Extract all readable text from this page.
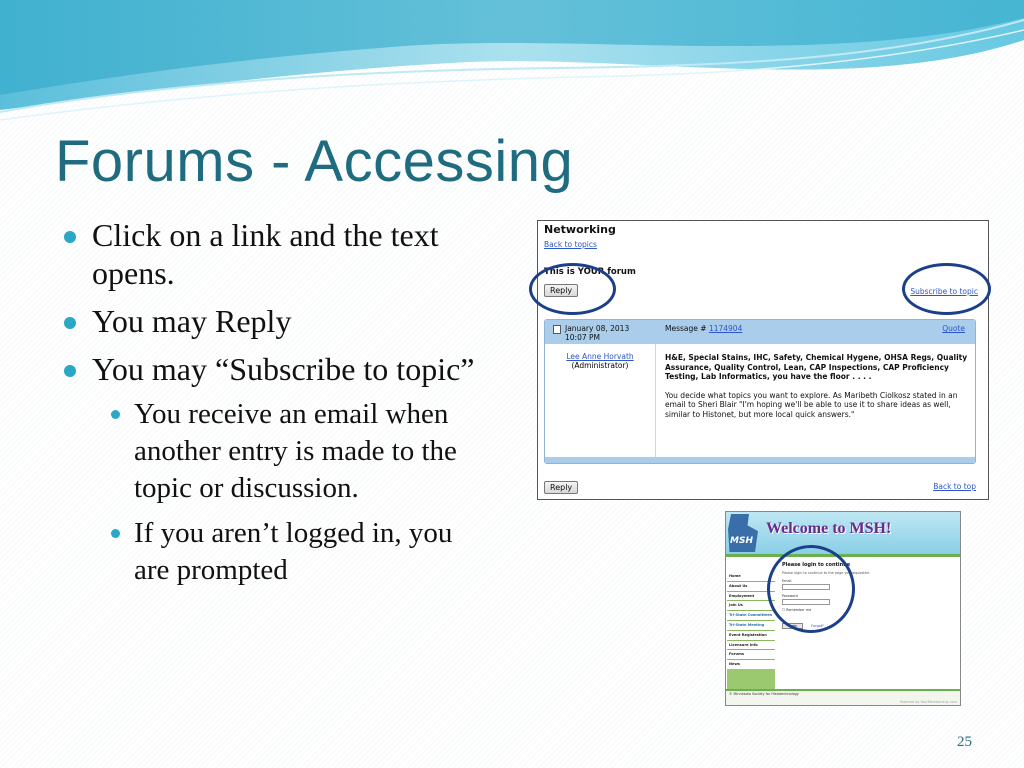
Forums - Accessing
Click on a link and the text opens.
You may Reply
You may “Subscribe to topic”
You receive an email when another entry is made to the topic or discussion.
If you aren’t logged in, you are prompted
Networking
Back to topics
This is YOUR forum
Reply	Subscribe to topic
January 08, 2013
10:07 PM
Message # 1174904	Quote
Lee Anne Horvath
(Administrator)
H&E, Special Stains, IHC, Safety, Chemical Hygene, OHSA Regs, Quality Assurance, Quality Control, Lean, CAP Inspections, CAP Proficiency Testing, Lab Informatics, you have the floor . . . .
You decide what topics you want to explore. As Maribeth Ciolkosz stated in an email to Sheri Blair "I'm hoping we'll be able to use it to share ideas as well, similar to Histonet, but more local quick answers."
Reply	Back to top
MSH
Welcome to MSH!
Home
About Us
Employment
Join Us
Tri-State Committees
Tri-State Meeting
Event Registration
Licensure Info
Forums
News
Please login to continue
Please login to continue to the page you requested.
Email
Password
☐ Remember me
Login	Forgot?
© Minnesota Society for Histotechnology
Powered by YourMembership.com
25
